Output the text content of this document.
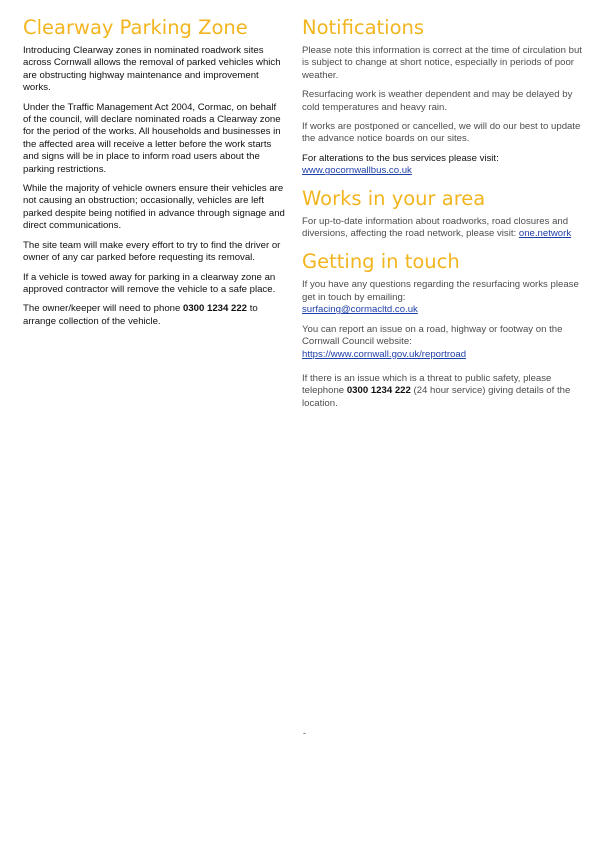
Clearway Parking Zone

Introducing Clearway zones in nominated roadwork sites across Cornwall allows the removal of parked vehicles which are obstructing highway maintenance and improvement works.

Under the Traffic Management Act 2004, Cormac, on behalf of the council, will declare nominated roads a Clearway zone for the period of the works. All households and businesses in the affected area will receive a letter before the work starts and signs will be in place to inform road users about the parking restrictions.

While the majority of vehicle owners ensure their vehicles are not causing an obstruction; occasionally, vehicles are left parked despite being notified in advance through signage and direct communications.

The site team will make every effort to try to find the driver or owner of any car parked before requesting its removal.

If a vehicle is towed away for parking in a clearway zone an approved contractor will remove the vehicle to a safe place.

The owner/keeper will need to phone 0300 1234 222 to arrange collection of the vehicle.

Notifications

Please note this information is correct at the time of circulation but is subject to change at short notice, especially in periods of poor weather.

Resurfacing work is weather dependent and may be delayed by cold temperatures and heavy rain.

If works are postponed or cancelled, we will do our best to update the advance notice boards on our sites.

For alterations to the bus services please visit:
www.gocornwallbus.co.uk

Works in your area

For up-to-date information about roadworks, road closures and diversions, affecting the road network, please visit: one.network

Getting in touch

If you have any questions regarding the resurfacing works please get in touch by emailing:
surfacing@cormacltd.co.uk

You can report an issue on a road, highway or footway on the Cornwall Council website:
https://www.cornwall.gov.uk/reportroad

If there is an issue which is a threat to public safety, please telephone 0300 1234 222 (24 hour service) giving details of the location.

-
